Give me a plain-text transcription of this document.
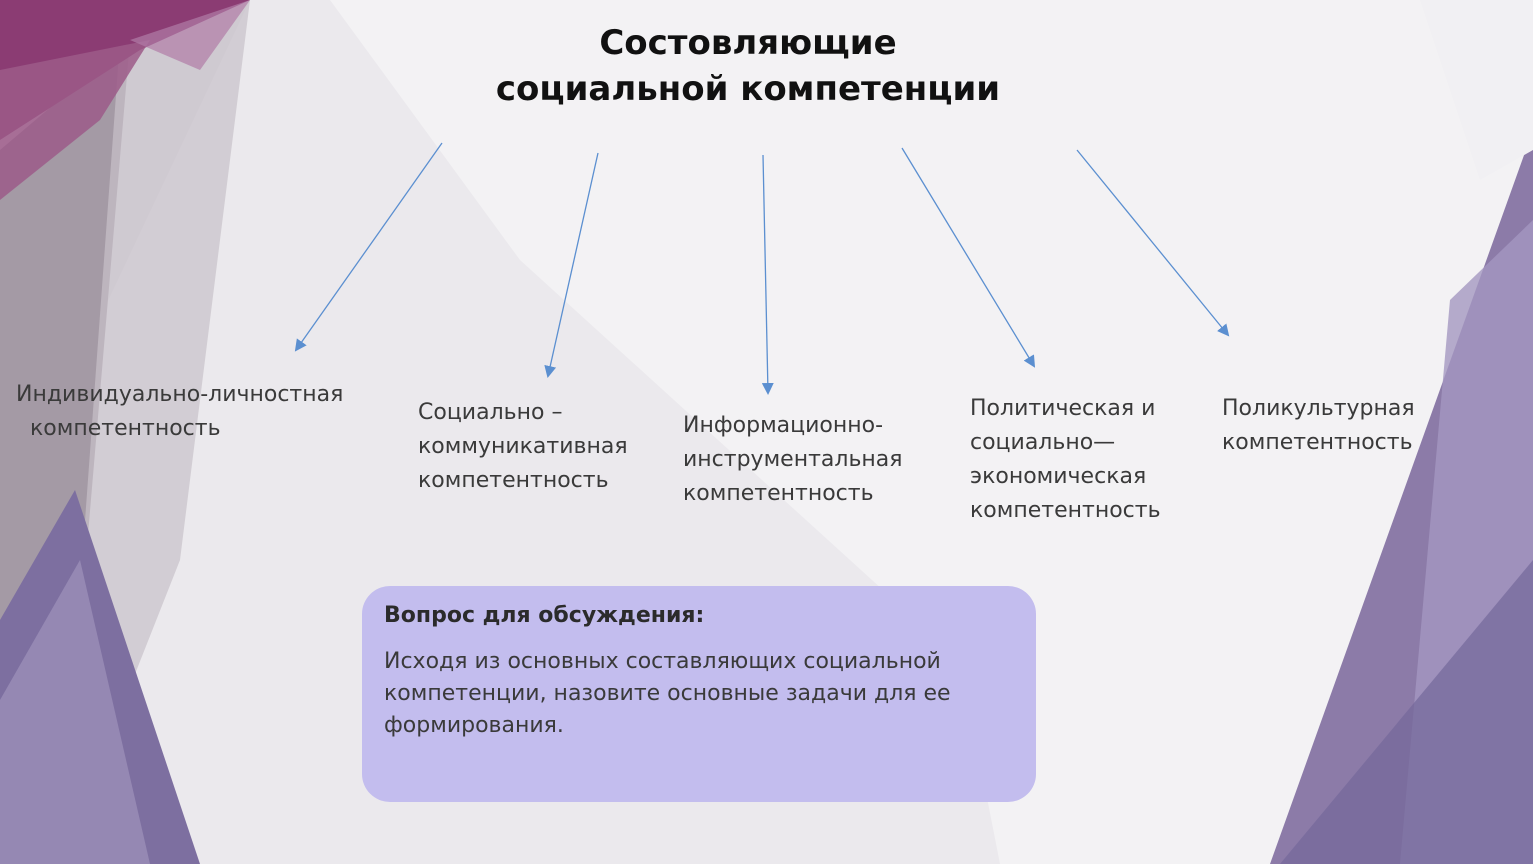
Состовляющие
социальной компетенции
Индивидуально-личностная
компетентность
Социально –
коммуникативная
компетентность
Информационно-
инструментальная
компетентность
Политическая и
социально—
экономическая
компетентность
Поликультурная
компетентность
Вопрос для обсуждения:
Исходя из основных составляющих социальной
компетенции, назовите основные задачи для ее
формирования.
